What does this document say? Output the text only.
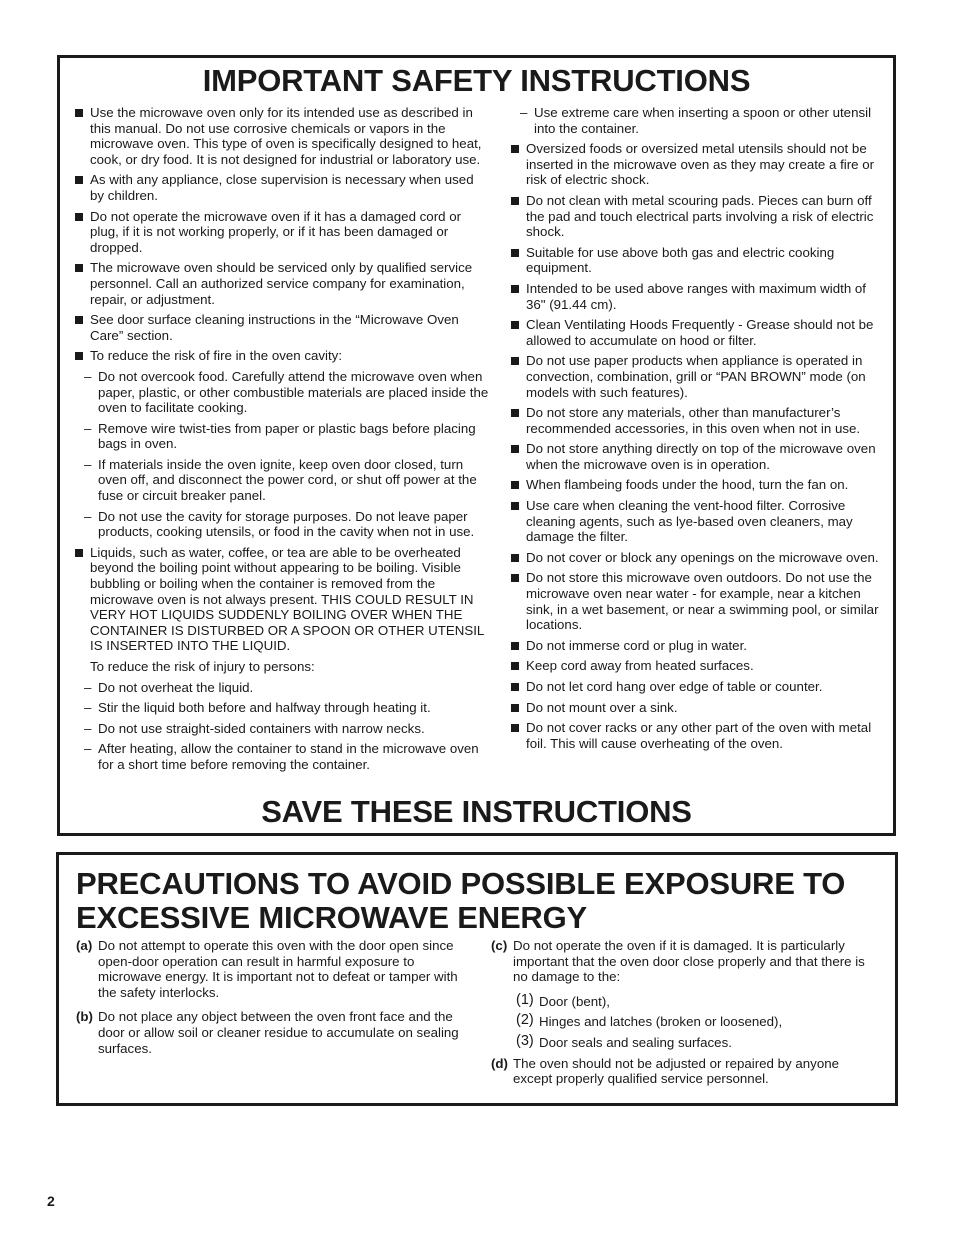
IMPORTANT SAFETY INSTRUCTIONS
Use the microwave oven only for its intended use as described in this manual. Do not use corrosive chemicals or vapors in the microwave oven. This type of oven is specifically designed to heat, cook, or dry food. It is not designed for industrial or laboratory use.
As with any appliance, close supervision is necessary when used by children.
Do not operate the microwave oven if it has a damaged cord or plug, if it is not working properly, or if it has been damaged or dropped.
The microwave oven should be serviced only by qualified service personnel. Call an authorized service company for examination, repair, or adjustment.
See door surface cleaning instructions in the “Microwave Oven Care” section.
To reduce the risk of fire in the oven cavity:
– Do not overcook food. Carefully attend the microwave oven when paper, plastic, or other combustible materials are placed inside the oven to facilitate cooking.
– Remove wire twist-ties from paper or plastic bags before placing bags in oven.
– If materials inside the oven ignite, keep oven door closed, turn oven off, and disconnect the power cord, or shut off power at the fuse or circuit breaker panel.
– Do not use the cavity for storage purposes. Do not leave paper products, cooking utensils, or food in the cavity when not in use.
Liquids, such as water, coffee, or tea are able to be overheated beyond the boiling point without appearing to be boiling. Visible bubbling or boiling when the container is removed from the microwave oven is not always present. THIS COULD RESULT IN VERY HOT LIQUIDS SUDDENLY BOILING OVER WHEN THE CONTAINER IS DISTURBED OR A SPOON OR OTHER UTENSIL IS INSERTED INTO THE LIQUID.
To reduce the risk of injury to persons:
– Do not overheat the liquid.
– Stir the liquid both before and halfway through heating it.
– Do not use straight-sided containers with narrow necks.
– After heating, allow the container to stand in the microwave oven for a short time before removing the container.
– Use extreme care when inserting a spoon or other utensil into the container.
Oversized foods or oversized metal utensils should not be inserted in the microwave oven as they may create a fire or risk of electric shock.
Do not clean with metal scouring pads. Pieces can burn off the pad and touch electrical parts involving a risk of electric shock.
Suitable for use above both gas and electric cooking equipment.
Intended to be used above ranges with maximum width of 36" (91.44 cm).
Clean Ventilating Hoods Frequently - Grease should not be allowed to accumulate on hood or filter.
Do not use paper products when appliance is operated in convection, combination, grill or “PAN BROWN” mode (on models with such features).
Do not store any materials, other than manufacturer’s recommended accessories, in this oven when not in use.
Do not store anything directly on top of the microwave oven when the microwave oven is in operation.
When flambeing foods under the hood, turn the fan on.
Use care when cleaning the vent-hood filter. Corrosive cleaning agents, such as lye-based oven cleaners, may damage the filter.
Do not cover or block any openings on the microwave oven.
Do not store this microwave oven outdoors. Do not use the microwave oven near water - for example, near a kitchen sink, in a wet basement, or near a swimming pool, or similar locations.
Do not immerse cord or plug in water.
Keep cord away from heated surfaces.
Do not let cord hang over edge of table or counter.
Do not mount over a sink.
Do not cover racks or any other part of the oven with metal foil. This will cause overheating of the oven.
SAVE THESE INSTRUCTIONS
PRECAUTIONS TO AVOID POSSIBLE EXPOSURE TO EXCESSIVE MICROWAVE ENERGY
(a) Do not attempt to operate this oven with the door open since open-door operation can result in harmful exposure to microwave energy. It is important not to defeat or tamper with the safety interlocks.
(b) Do not place any object between the oven front face and the door or allow soil or cleaner residue to accumulate on sealing surfaces.
(c) Do not operate the oven if it is damaged. It is particularly important that the oven door close properly and that there is no damage to the:
(1) Door (bent),
(2) Hinges and latches (broken or loosened),
(3) Door seals and sealing surfaces.
(d) The oven should not be adjusted or repaired by anyone except properly qualified service personnel.
2
